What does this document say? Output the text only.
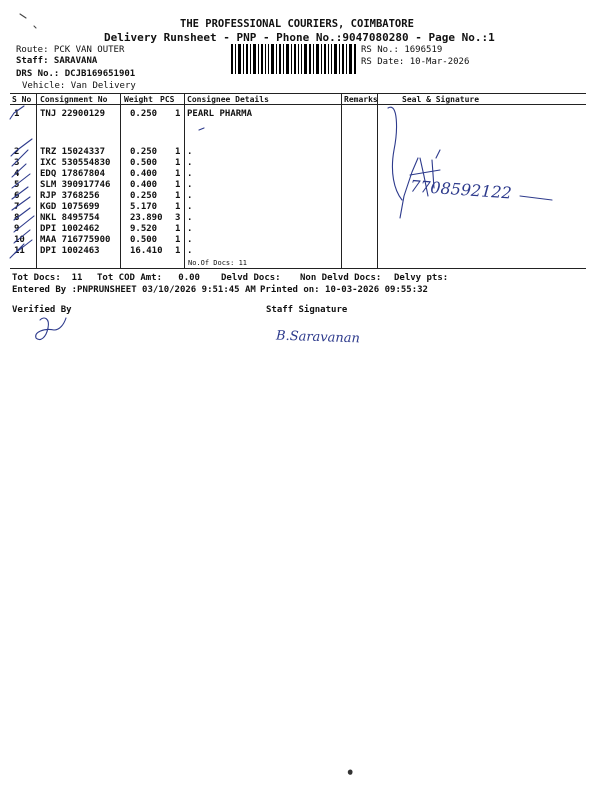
THE PROFESSIONAL COURIERS, COIMBATORE
Delivery Runsheet - PNP - Phone No.:9047080280 - Page No.:1
Route: PCK VAN OUTER
Staff: SARAVANA
DRS No.: DCJB169651901
Vehicle: Van Delivery
RS No.: 1696519
RS Date: 10-Mar-2026
S No Consignment No Weight PCS Consignee Details	Remarks	Seal & Signature
1 TNJ 22900129	0.250 1 PEARL PHARMA
2 TRZ 15024337	0.250 1 .
3 IXC 530554830 0.500 1 .
4 EDQ 17867804	0.400 1 .
5 SLM 390917746 0.400 1 .
6 RJP 3768256	0.250 1 .
7 KGD 1075699	5.170 1 .
8 NKL 8495754	23.890 3 .
9 DPI 1002462	9.520 1 .
10 MAA 716775900 0.500 1 .
11 DPI 1002463	16.410 1 .
No.Of Docs: 11
7708592122
B.Saravanan
Tot Docs:  11 Tot COD Amt:   0.00 Delvd Docs: Non Delvd Docs: Delvy pts:
Entered By :PNPRUNSHEET 03/10/2026 9:51:45 AM Printed on: 10-03-2026 09:55:32
Verified By	Staff Signature
